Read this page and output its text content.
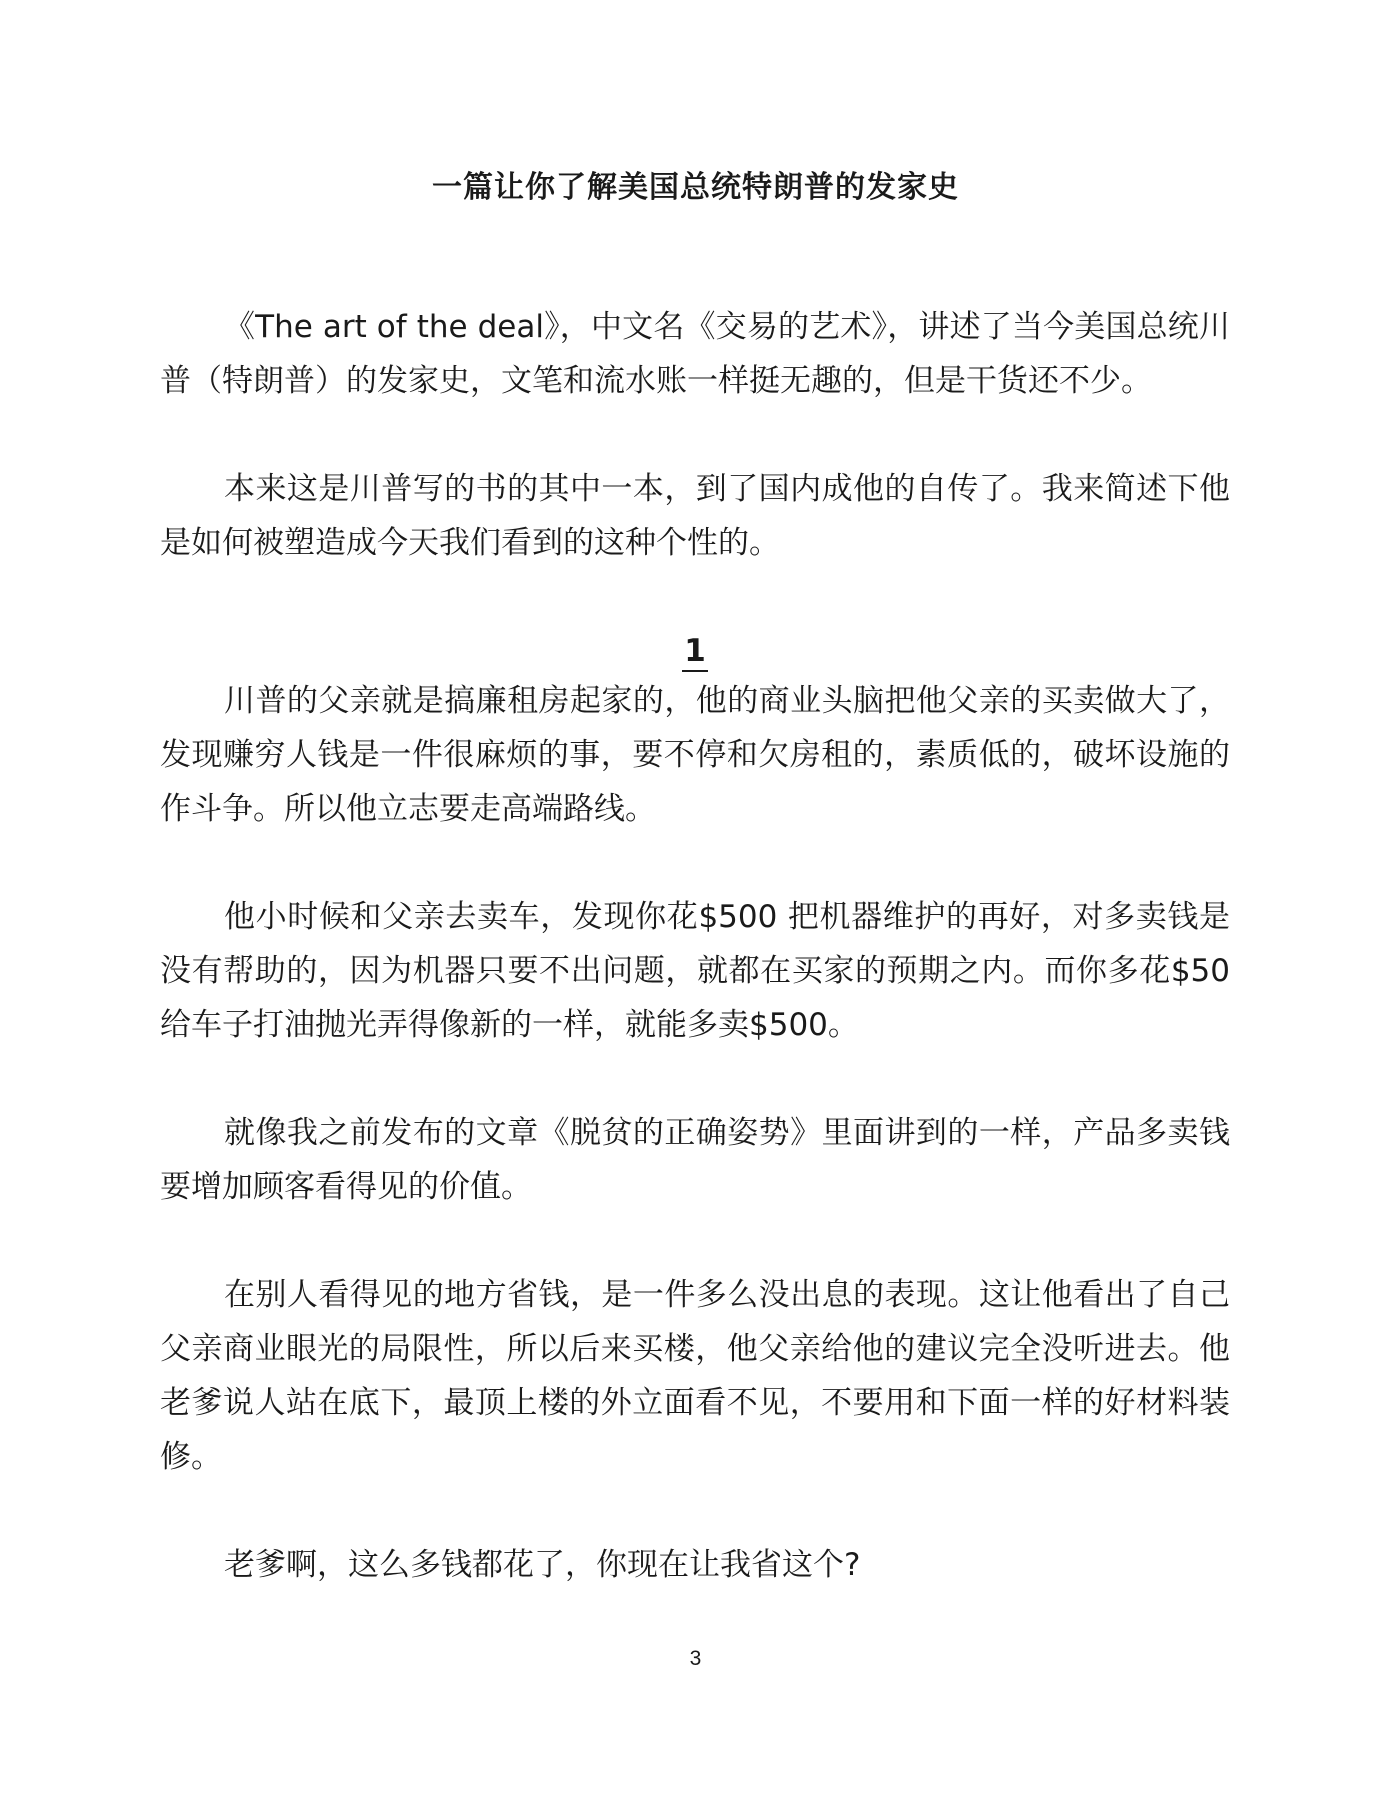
一篇让你了解美国总统特朗普的发家史

《The art of the deal》，中文名《交易的艺术》，讲述了当今美国总统川普（特朗普）的发家史，文笔和流水账一样挺无趣的，但是干货还不少。

本来这是川普写的书的其中一本，到了国内成他的自传了。我来简述下他是如何被塑造成今天我们看到的这种个性的。

1

川普的父亲就是搞廉租房起家的，他的商业头脑把他父亲的买卖做大了，发现赚穷人钱是一件很麻烦的事，要不停和欠房租的，素质低的，破坏设施的作斗争。所以他立志要走高端路线。

他小时候和父亲去卖车，发现你花$500 把机器维护的再好，对多卖钱是没有帮助的，因为机器只要不出问题，就都在买家的预期之内。而你多花$50 给车子打油抛光弄得像新的一样，就能多卖$500。

就像我之前发布的文章《脱贫的正确姿势》里面讲到的一样，产品多卖钱要增加顾客看得见的价值。

在别人看得见的地方省钱，是一件多么没出息的表现。这让他看出了自己父亲商业眼光的局限性，所以后来买楼，他父亲给他的建议完全没听进去。他老爹说人站在底下，最顶上楼的外立面看不见，不要用和下面一样的好材料装修。

老爹啊，这么多钱都花了，你现在让我省这个?

3
